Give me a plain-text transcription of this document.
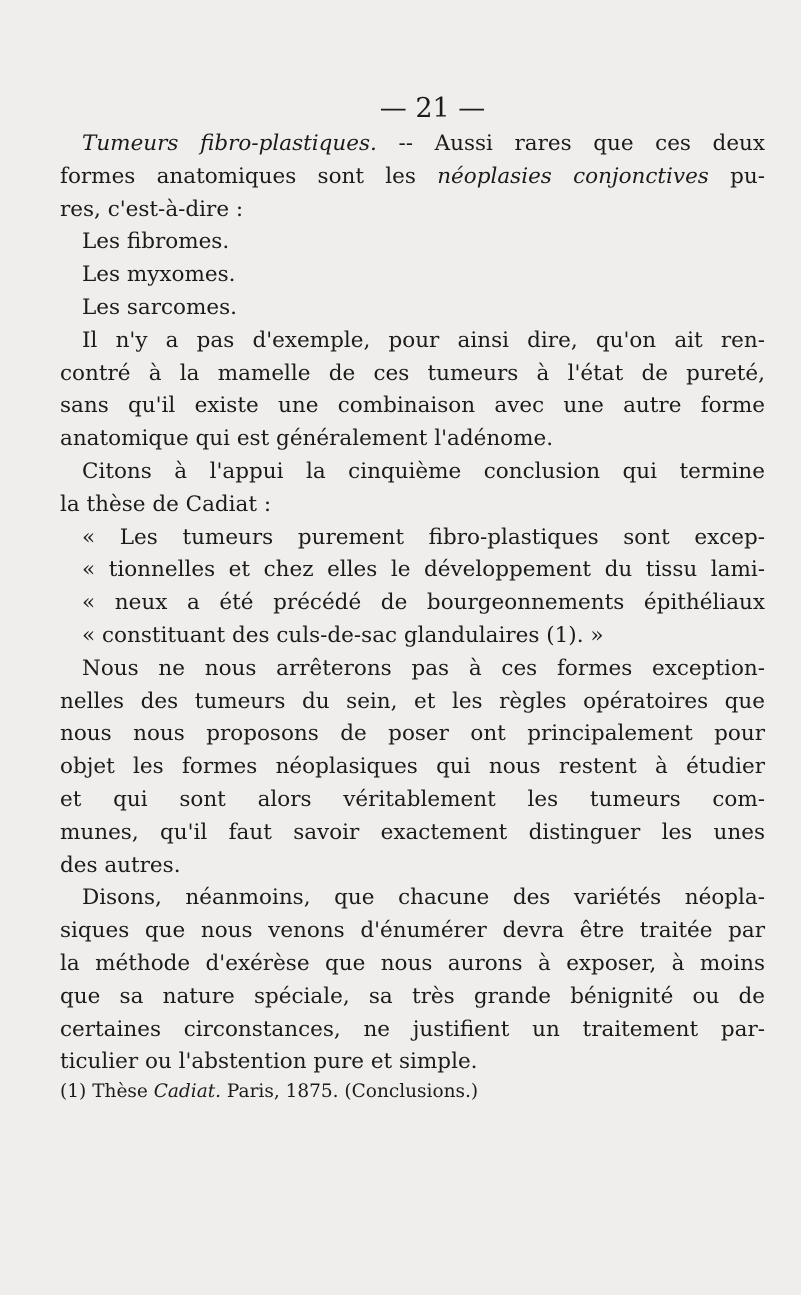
— 21 —

Tumeurs fibro-plastiques. -- Aussi rares que ces deux
formes anatomiques sont les néoplasies conjonctives pu-
res, c'est-à-dire :

Les fibromes.
Les myxomes.
Les sarcomes.

Il n'y a pas d'exemple, pour ainsi dire, qu'on ait ren-
contré à la mamelle de ces tumeurs à l'état de pureté,
sans qu'il existe une combinaison avec une autre forme
anatomique qui est généralement l'adénome.

Citons à l'appui la cinquième conclusion qui termine
la thèse de Cadiat :

« Les tumeurs purement fibro-plastiques sont excep-
« tionnelles et chez elles le développement du tissu lami-
« neux a été précédé de bourgeonnements épithéliaux
« constituant des culs-de-sac glandulaires (1). »

Nous ne nous arrêterons pas à ces formes exception-
nelles des tumeurs du sein, et les règles opératoires que
nous nous proposons de poser ont principalement pour
objet les formes néoplasiques qui nous restent à étudier
et qui sont alors véritablement les tumeurs com-
munes, qu'il faut savoir exactement distinguer les unes
des autres.

Disons, néanmoins, que chacune des variétés néopla-
siques que nous venons d'énumérer devra être traitée par
la méthode d'exérèse que nous aurons à exposer, à moins
que sa nature spéciale, sa très grande bénignité ou de
certaines circonstances, ne justifient un traitement par-
ticulier ou l'abstention pure et simple.

(1) Thèse Cadiat. Paris, 1875. (Conclusions.)
